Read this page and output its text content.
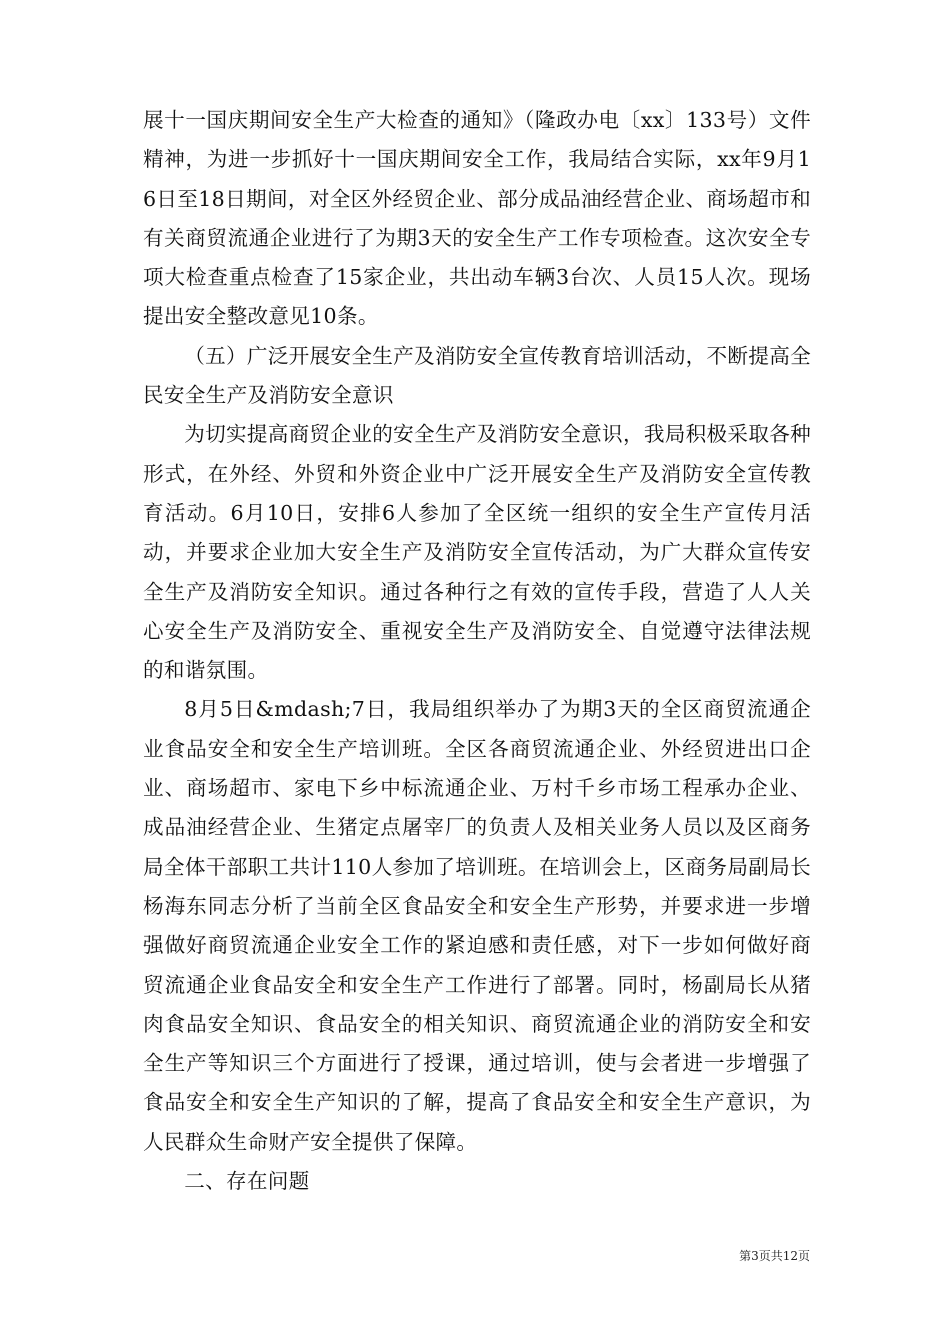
展十一国庆期间安全生产大检查的通知》（隆政办电〔xx〕133号）文件精神，为进一步抓好十一国庆期间安全工作，我局结合实际，xx年9月16日至18日期间，对全区外经贸企业、部分成品油经营企业、商场超市和有关商贸流通企业进行了为期3天的安全生产工作专项检查。这次安全专项大检查重点检查了15家企业，共出动车辆3台次、人员15人次。现场提出安全整改意见10条。

（五）广泛开展安全生产及消防安全宣传教育培训活动，不断提高全民安全生产及消防安全意识

为切实提高商贸企业的安全生产及消防安全意识，我局积极采取各种形式，在外经、外贸和外资企业中广泛开展安全生产及消防安全宣传教育活动。6月10日，安排6人参加了全区统一组织的安全生产宣传月活动，并要求企业加大安全生产及消防安全宣传活动，为广大群众宣传安全生产及消防安全知识。通过各种行之有效的宣传手段，营造了人人关心安全生产及消防安全、重视安全生产及消防安全、自觉遵守法律法规的和谐氛围。

8月5日&mdash;7日，我局组织举办了为期3天的全区商贸流通企业食品安全和安全生产培训班。全区各商贸流通企业、外经贸进出口企业、商场超市、家电下乡中标流通企业、万村千乡市场工程承办企业、成品油经营企业、生猪定点屠宰厂的负责人及相关业务人员以及区商务局全体干部职工共计110人参加了培训班。在培训会上，区商务局副局长杨海东同志分析了当前全区食品安全和安全生产形势，并要求进一步增强做好商贸流通企业安全工作的紧迫感和责任感，对下一步如何做好商贸流通企业食品安全和安全生产工作进行了部署。同时，杨副局长从猪肉食品安全知识、食品安全的相关知识、商贸流通企业的消防安全和安全生产等知识三个方面进行了授课，通过培训，使与会者进一步增强了食品安全和安全生产知识的了解，提高了食品安全和安全生产意识，为人民群众生命财产安全提供了保障。

二、存在问题

第3页共12页
